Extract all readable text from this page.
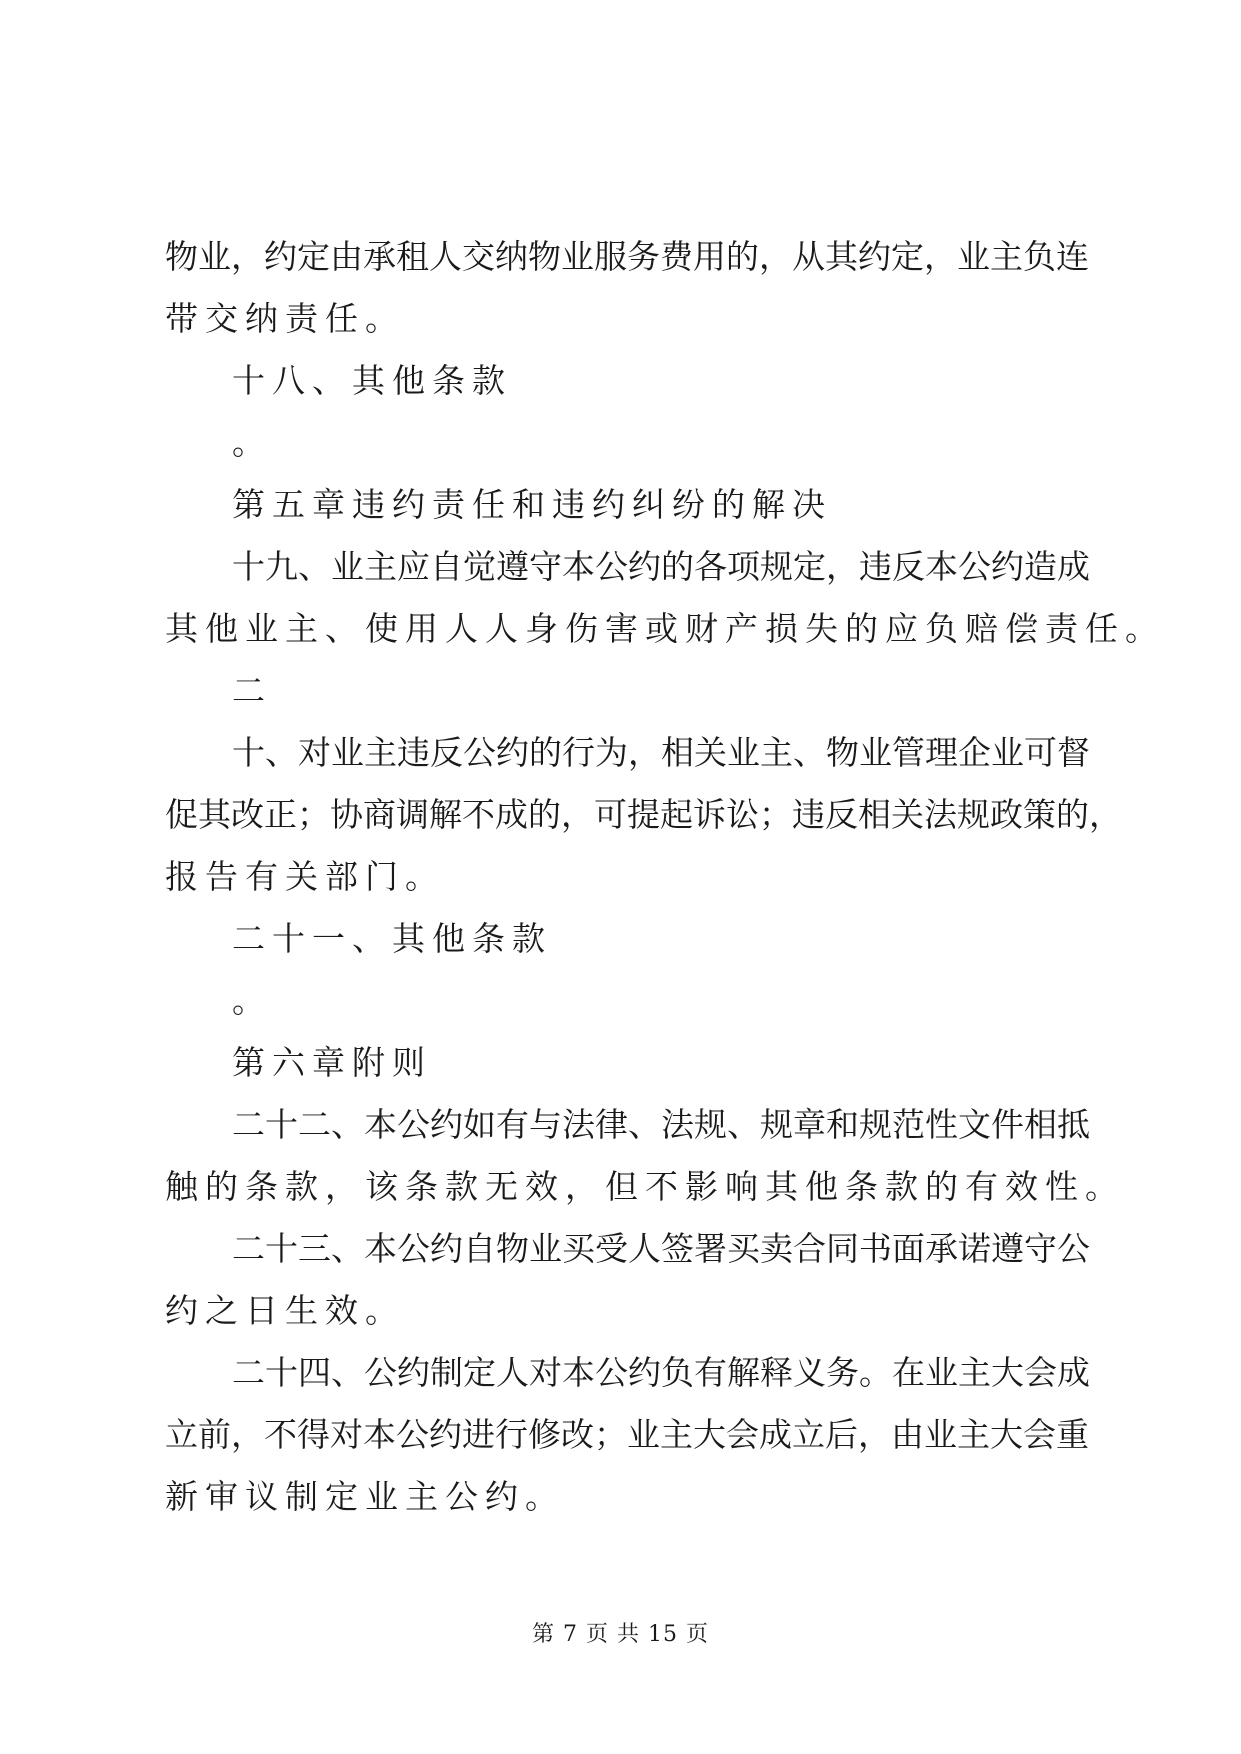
物业，约定由承租人交纳物业服务费用的，从其约定，业主负连
带交纳责任。
十八、其他条款
。
第五章违约责任和违约纠纷的解决
十九、业主应自觉遵守本公约的各项规定，违反本公约造成
其他业主、使用人人身伤害或财产损失的应负赔偿责任。
二
十、对业主违反公约的行为，相关业主、物业管理企业可督
促其改正；协商调解不成的，可提起诉讼；违反相关法规政策的，
报告有关部门。
二十一、其他条款
。
第六章附则
二十二、本公约如有与法律、法规、规章和规范性文件相抵
触的条款，该条款无效，但不影响其他条款的有效性。
二十三、本公约自物业买受人签署买卖合同书面承诺遵守公
约之日生效。
二十四、公约制定人对本公约负有解释义务。在业主大会成
立前，不得对本公约进行修改；业主大会成立后，由业主大会重
新审议制定业主公约。
第 7 页 共 15 页
